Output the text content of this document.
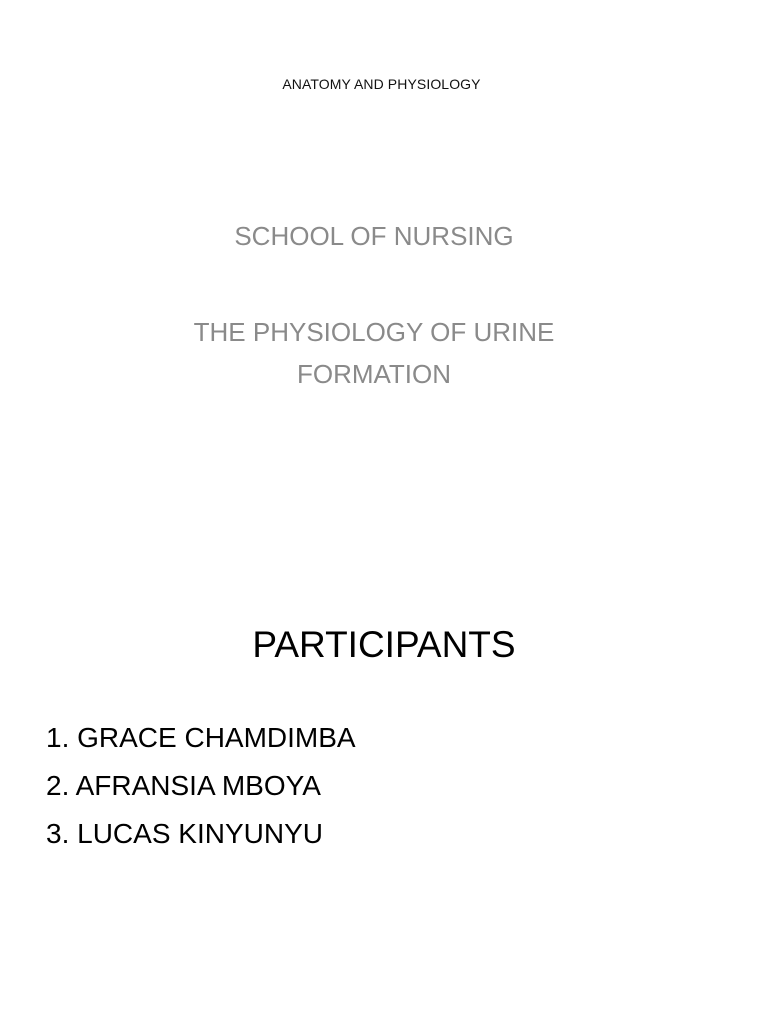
ANATOMY AND PHYSIOLOGY
SCHOOL OF NURSING
THE PHYSIOLOGY OF URINE
FORMATION
PARTICIPANTS
1. GRACE CHAMDIMBA
2. AFRANSIA MBOYA
3. LUCAS KINYUNYU
